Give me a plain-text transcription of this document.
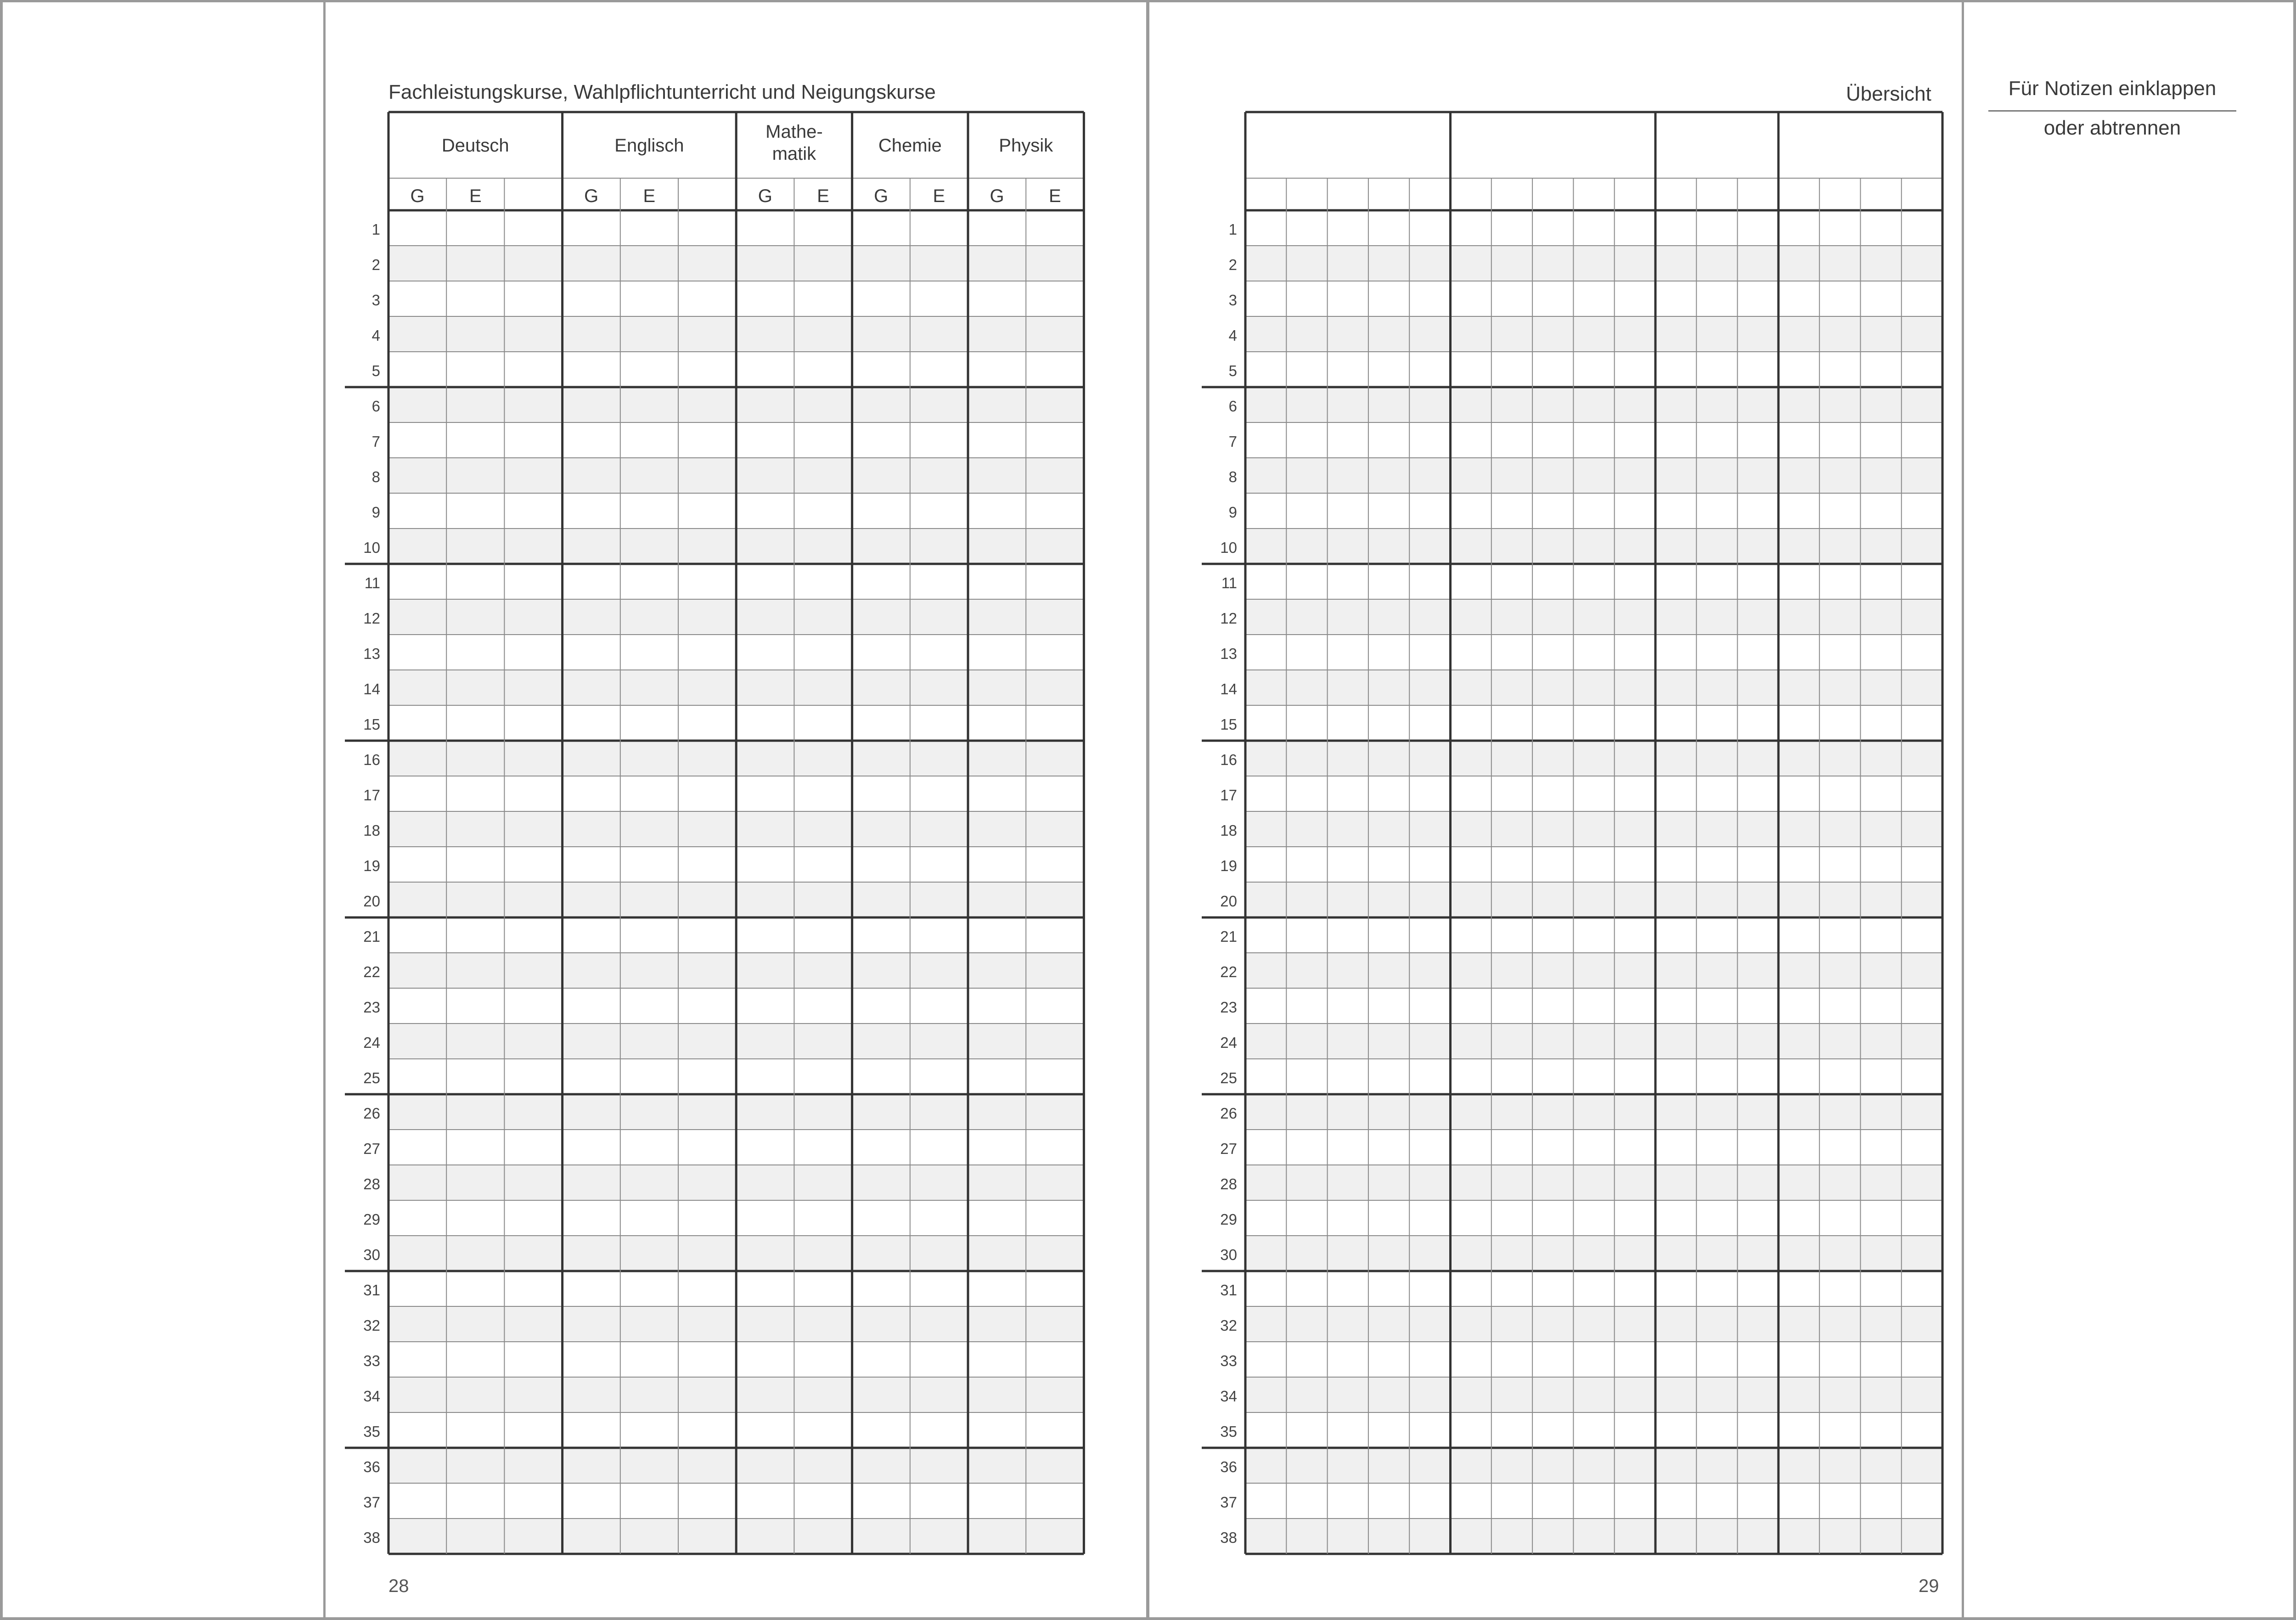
Fachleistungskurse, Wahlpflichtunterricht und Neigungskurse
Deutsch
G E
Englisch
G E
Mathe-
matik
G E
Chemie
G E
Physik
G E
1
2
3
4
5
6
7
8
9
10
11
12
13
14
15
16
17
18
19
20
21
22
23
24
25
26
27
28
29
30
31
32
33
34
35
36
37
38
28
Übersicht
1
2
3
4
5
6
7
8
9
10
11
12
13
14
15
16
17
18
19
20
21
22
23
24
25
26
27
28
29
30
31
32
33
34
35
36
37
38
29
Für Notizen einklappen
oder abtrennen
